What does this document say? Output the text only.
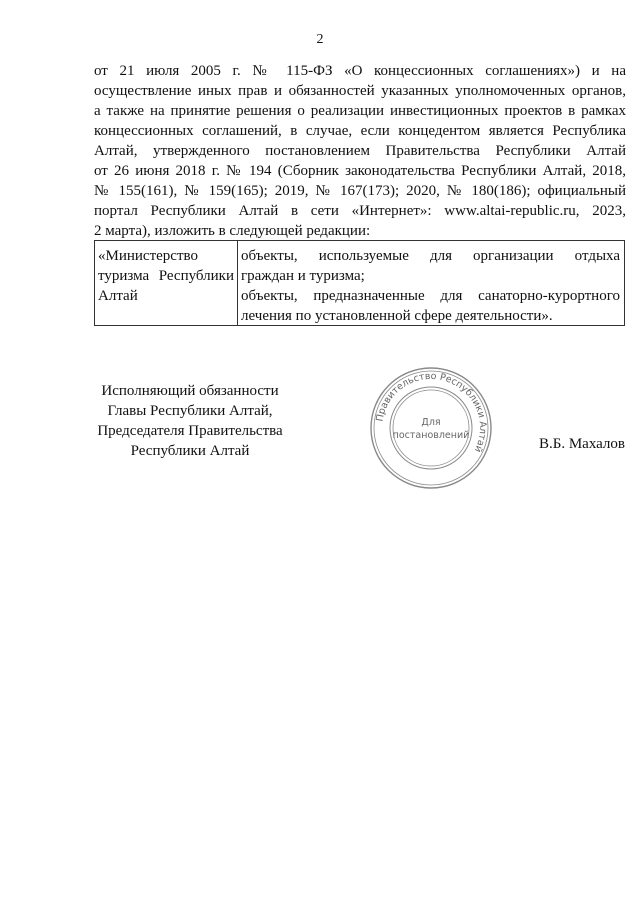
2
от 21 июля 2005 г. № 115-ФЗ «О концессионных соглашениях») и на
осуществление иных прав и обязанностей указанных уполномоченных органов,
а также на принятие решения о реализации инвестиционных проектов в рамках
концессионных соглашений, в случае, если концедентом является Республика
Алтай, утвержденного постановлением Правительства Республики Алтай
от 26 июня 2018 г. № 194 (Сборник законодательства Республики Алтай, 2018,
№ 155(161), № 159(165); 2019, № 167(173); 2020, № 180(186); официальный
портал Республики Алтай в сети «Интернет»: www.altai-republic.ru, 2023,
2 марта), изложить в следующей редакции:
«Министерство
туризма Республики
Алтай
объекты, используемые для организации отдыха
граждан и туризма;
объекты, предназначенные для санаторно-курортного
лечения по установленной сфере деятельности».
Исполняющий обязанности
Главы Республики Алтай,
Председателя Правительства
Республики Алтай
Правительство Республики Алтай
Для
постановлений
В.Б. Махалов
